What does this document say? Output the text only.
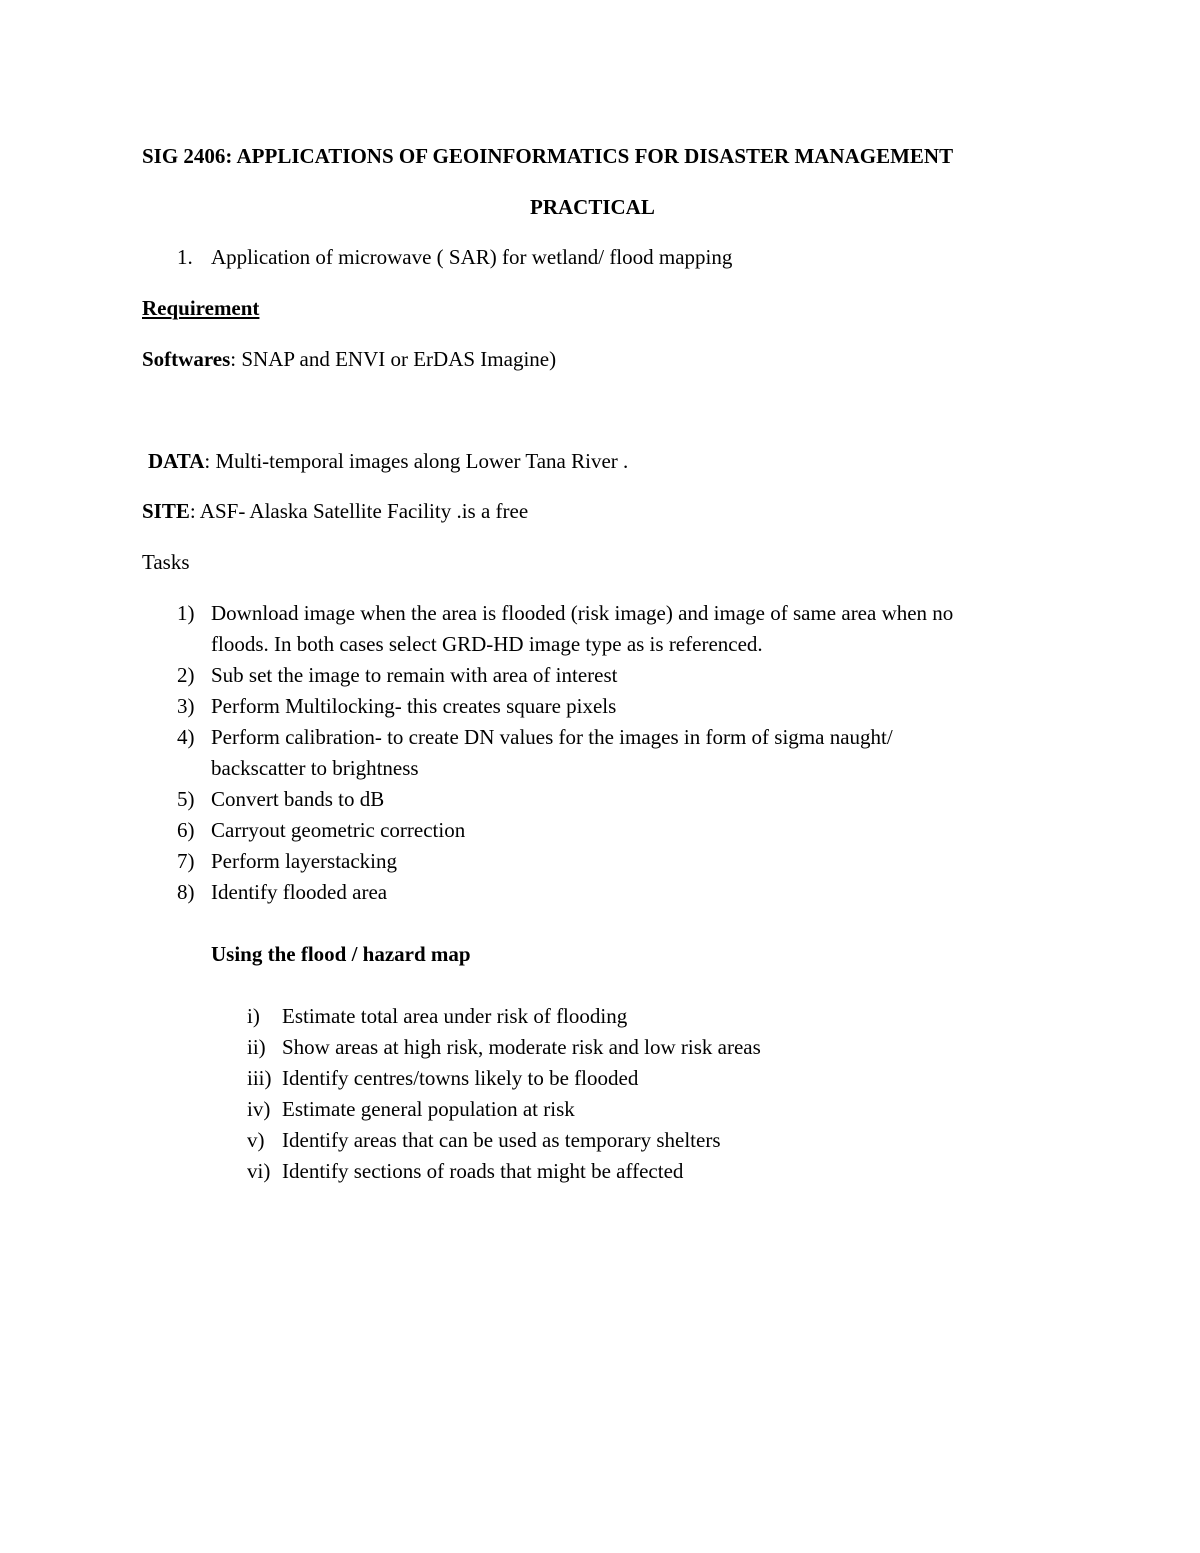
SIG 2406: APPLICATIONS OF GEOINFORMATICS FOR DISASTER MANAGEMENT
PRACTICAL
1. Application of microwave ( SAR) for wetland/ flood mapping
Requirement
Softwares: SNAP and ENVI or ErDAS Imagine)
DATA: Multi-temporal images along Lower Tana River .
SITE: ASF- Alaska Satellite Facility .is a free
Tasks
1) Download image when the area is flooded (risk image) and image of same area when no
floods. In both cases select GRD-HD image type as is referenced.
2) Sub set the image to remain with area of interest
3) Perform Multilocking- this creates square pixels
4) Perform calibration- to create DN values for the images in form of sigma naught/
backscatter to brightness
5) Convert bands to dB
6) Carryout geometric correction
7) Perform layerstacking
8) Identify flooded area
Using the flood / hazard map
i) Estimate total area under risk of flooding
ii) Show areas at high risk, moderate risk and low risk areas
iii) Identify centres/towns likely to be flooded
iv) Estimate general population at risk
v) Identify areas that can be used as temporary shelters
vi) Identify sections of roads that might be affected
